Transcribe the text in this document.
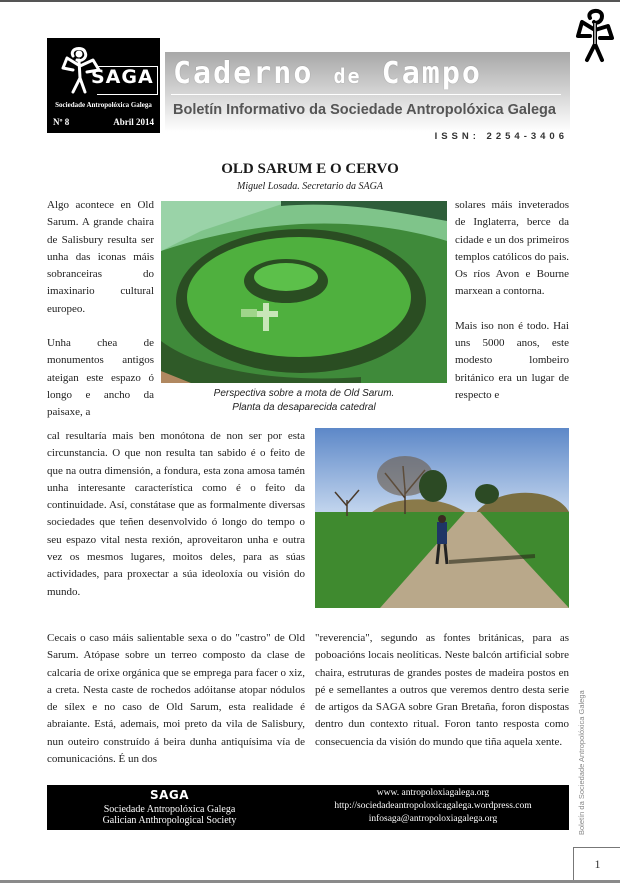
SAGA
Sociedade Antropolóxica Galega
Nº 8	Abril 2014
Caderno de Campo
Boletín Informativo da Sociedade Antropolóxica Galega
ISSN: 2254-3406
OLD SARUM E O CERVO
Miguel Losada. Secretario da SAGA

Algo acontece en Old Sarum. A grande chaira de Salisbury resulta ser unha das iconas máis sobranceiras do imaxinario cultural europeo.

Unha chea de monumentos antigos ateigan este espazo ó longo e ancho da paisaxe, a

Perspectiva sobre a mota de Old Sarum.
Planta da desaparecida catedral

solares máis inveterados de Inglaterra, berce da cidade e un dos primeiros templos católicos do pais. Os ríos Avon e Bourne marxean a contorna.

Mais iso non é todo. Hai uns 5000 anos, este modesto lombeiro británico era un lugar de respecto e

cal resultaría mais ben monótona de non ser por esta circunstancia. O que non resulta tan sabido é o feito de que na outra dimensión, a fondura, esta zona amosa tamén unha interesante característica como é o feito da continuidade. Así, constátase que as formalmente diversas sociedades que teñen desenvolvido ó longo do tempo o seu espazo vital nesta rexión, aproveitaron unha e outra vez os mesmos lugares, moitos deles, para as súas actividades, para proxectar a súa ideoloxía ou visión do mundo.
Cecais o caso máis salientable sexa o do "castro" de Old Sarum. Atópase sobre un terreo composto da clase de calcaria de orixe orgánica que se emprega para facer o xiz, a creta. Nesta caste de rochedos adóitanse atopar nódulos de sílex e no caso de Old Sarum, esta realidade é abraiante. Está, ademais, moi preto da vila de Salisbury, nun outeiro construído á beira dunha antiquísima vía de comunicacións. É un dos
"reverencia", segundo as fontes británicas, para as poboacións locais neolíticas. Neste balcón artificial sobre chaira, estruturas de grandes postes de madeira postos en pé e semellantes a outros que veremos dentro desta serie de artigos da SAGA sobre Gran Bretaña, foron dispostas dentro dun contexto ritual. Foron tanto resposta como consecuencia da visión do mundo que tiña aquela xente.
SAGA
Sociedade Antropolóxica Galega
Galician Anthropological Society
www. antropoloxiagalega.org
http://sociedadeantropoloxicagalega.wordpress.com
infosaga@antropoloxiagalega.org	Boletín da Sociedade Antropolóxica Galega
1
